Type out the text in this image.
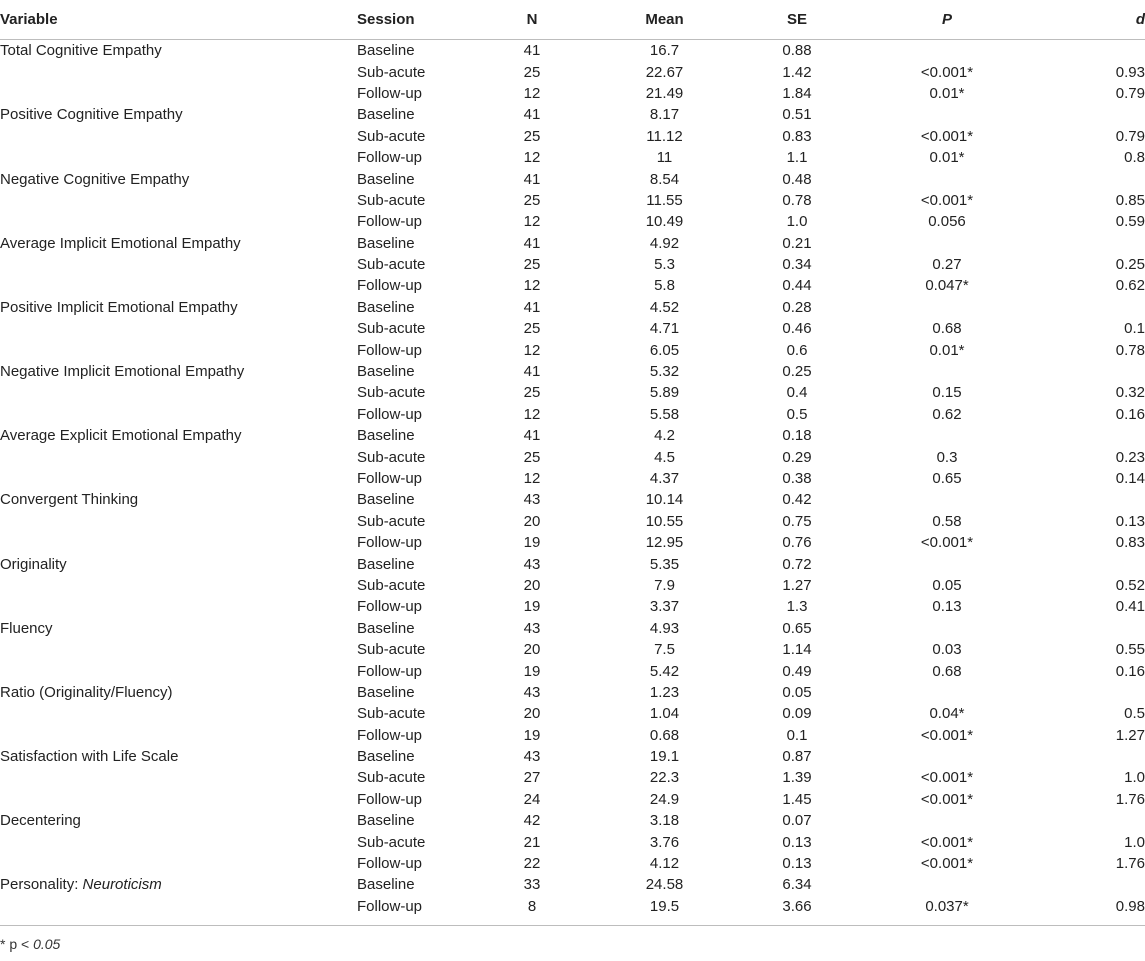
Variable	Session	N	Mean	SE	P	d
Total Cognitive Empathy	Baseline	41	16.7	0.88		
	Sub-acute	25	22.67	1.42	<0.001*	0.93
	Follow-up	12	21.49	1.84	0.01*	0.79
Positive Cognitive Empathy	Baseline	41	8.17	0.51		
	Sub-acute	25	11.12	0.83	<0.001*	0.79
	Follow-up	12	11	1.1	0.01*	0.8
Negative Cognitive Empathy	Baseline	41	8.54	0.48		
	Sub-acute	25	11.55	0.78	<0.001*	0.85
	Follow-up	12	10.49	1.0	0.056	0.59
Average Implicit Emotional Empathy	Baseline	41	4.92	0.21		
	Sub-acute	25	5.3	0.34	0.27	0.25
	Follow-up	12	5.8	0.44	0.047*	0.62
Positive Implicit Emotional Empathy	Baseline	41	4.52	0.28		
	Sub-acute	25	4.71	0.46	0.68	0.1
	Follow-up	12	6.05	0.6	0.01*	0.78
Negative Implicit Emotional Empathy	Baseline	41	5.32	0.25		
	Sub-acute	25	5.89	0.4	0.15	0.32
	Follow-up	12	5.58	0.5	0.62	0.16
Average Explicit Emotional Empathy	Baseline	41	4.2	0.18		
	Sub-acute	25	4.5	0.29	0.3	0.23
	Follow-up	12	4.37	0.38	0.65	0.14
Convergent Thinking	Baseline	43	10.14	0.42		
	Sub-acute	20	10.55	0.75	0.58	0.13
	Follow-up	19	12.95	0.76	<0.001*	0.83
Originality	Baseline	43	5.35	0.72		
	Sub-acute	20	7.9	1.27	0.05	0.52
	Follow-up	19	3.37	1.3	0.13	0.41
Fluency	Baseline	43	4.93	0.65		
	Sub-acute	20	7.5	1.14	0.03	0.55
	Follow-up	19	5.42	0.49	0.68	0.16
Ratio (Originality/Fluency)	Baseline	43	1.23	0.05		
	Sub-acute	20	1.04	0.09	0.04*	0.5
	Follow-up	19	0.68	0.1	<0.001*	1.27
Satisfaction with Life Scale	Baseline	43	19.1	0.87		
	Sub-acute	27	22.3	1.39	<0.001*	1.0
	Follow-up	24	24.9	1.45	<0.001*	1.76
Decentering	Baseline	42	3.18	0.07		
	Sub-acute	21	3.76	0.13	<0.001*	1.0
	Follow-up	22	4.12	0.13	<0.001*	1.76
Personality: Neuroticism	Baseline	33	24.58	6.34		
	Follow-up	8	19.5	3.66	0.037*	0.98
* p < 0.05
